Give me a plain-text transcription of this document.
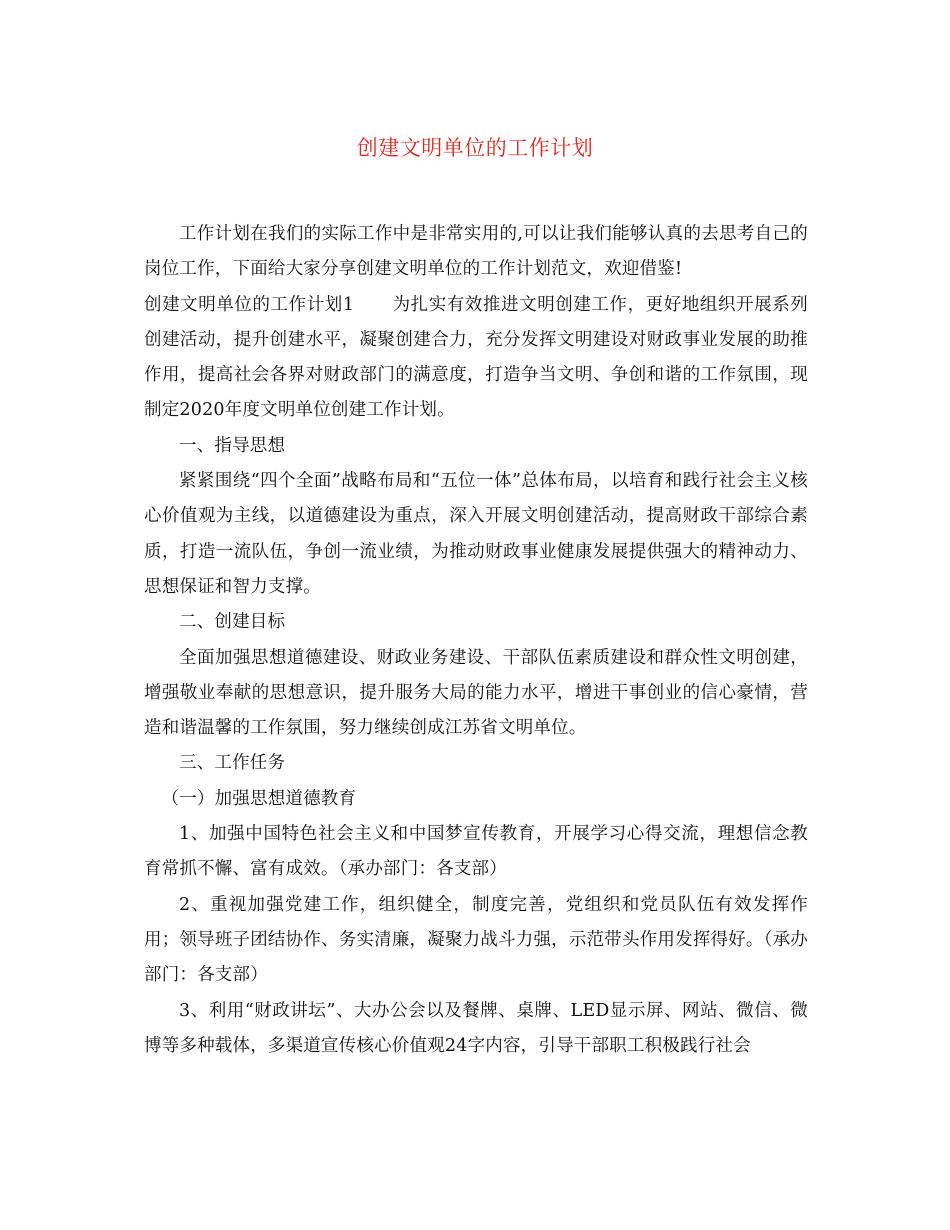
创建文明单位的工作计划

工作计划在我们的实际工作中是非常实用的,可以让我们能够认真的去思考自己的岗位工作，下面给大家分享创建文明单位的工作计划范文，欢迎借鉴!

创建文明单位的工作计划1 为扎实有效推进文明创建工作，更好地组织开展系列创建活动，提升创建水平，凝聚创建合力，充分发挥文明建设对财政事业发展的助推作用，提高社会各界对财政部门的满意度，打造争当文明、争创和谐的工作氛围，现制定2020年度文明单位创建工作计划。

一、指导思想

紧紧围绕“四个全面”战略布局和“五位一体”总体布局，以培育和践行社会主义核心价值观为主线，以道德建设为重点，深入开展文明创建活动，提高财政干部综合素质，打造一流队伍，争创一流业绩，为推动财政事业健康发展提供强大的精神动力、思想保证和智力支撑。

二、创建目标

全面加强思想道德建设、财政业务建设、干部队伍素质建设和群众性文明创建，增强敬业奉献的思想意识，提升服务大局的能力水平，增进干事创业的信心豪情，营造和谐温馨的工作氛围，努力继续创成江苏省文明单位。

三、工作任务

（一）加强思想道德教育

1、加强中国特色社会主义和中国梦宣传教育，开展学习心得交流，理想信念教育常抓不懈、富有成效。（承办部门：各支部）

2、重视加强党建工作，组织健全，制度完善，党组织和党员队伍有效发挥作用；领导班子团结协作、务实清廉，凝聚力战斗力强，示范带头作用发挥得好。（承办部门：各支部）

3、利用“财政讲坛”、大办公会以及餐牌、桌牌、LED显示屏、网站、微信、微博等多种载体，多渠道宣传核心价值观24字内容，引导干部职工积极践行社会
